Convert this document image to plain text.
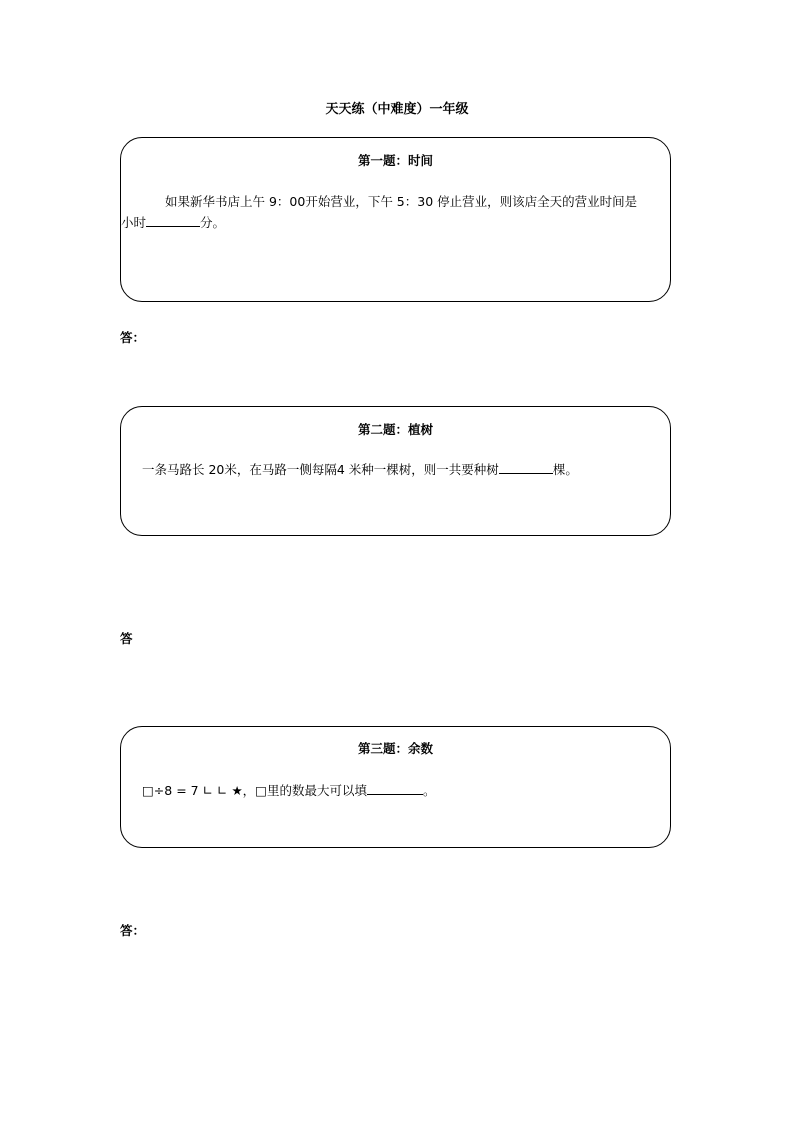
天天练（中难度）一年级
第一题：时间
如果新华书店上午 9：00开始营业，下午 5：30 停止营业，则该店全天的营业时间是
小时	分。
答：
第二题：植树
一条马路长 20米，在马路一侧每隔4 米种一棵树，则一共要种树	棵。
答
第三题：余数
□÷8 = 7 ∟ ∟ ★，□里的数最大可以填	。
答：
